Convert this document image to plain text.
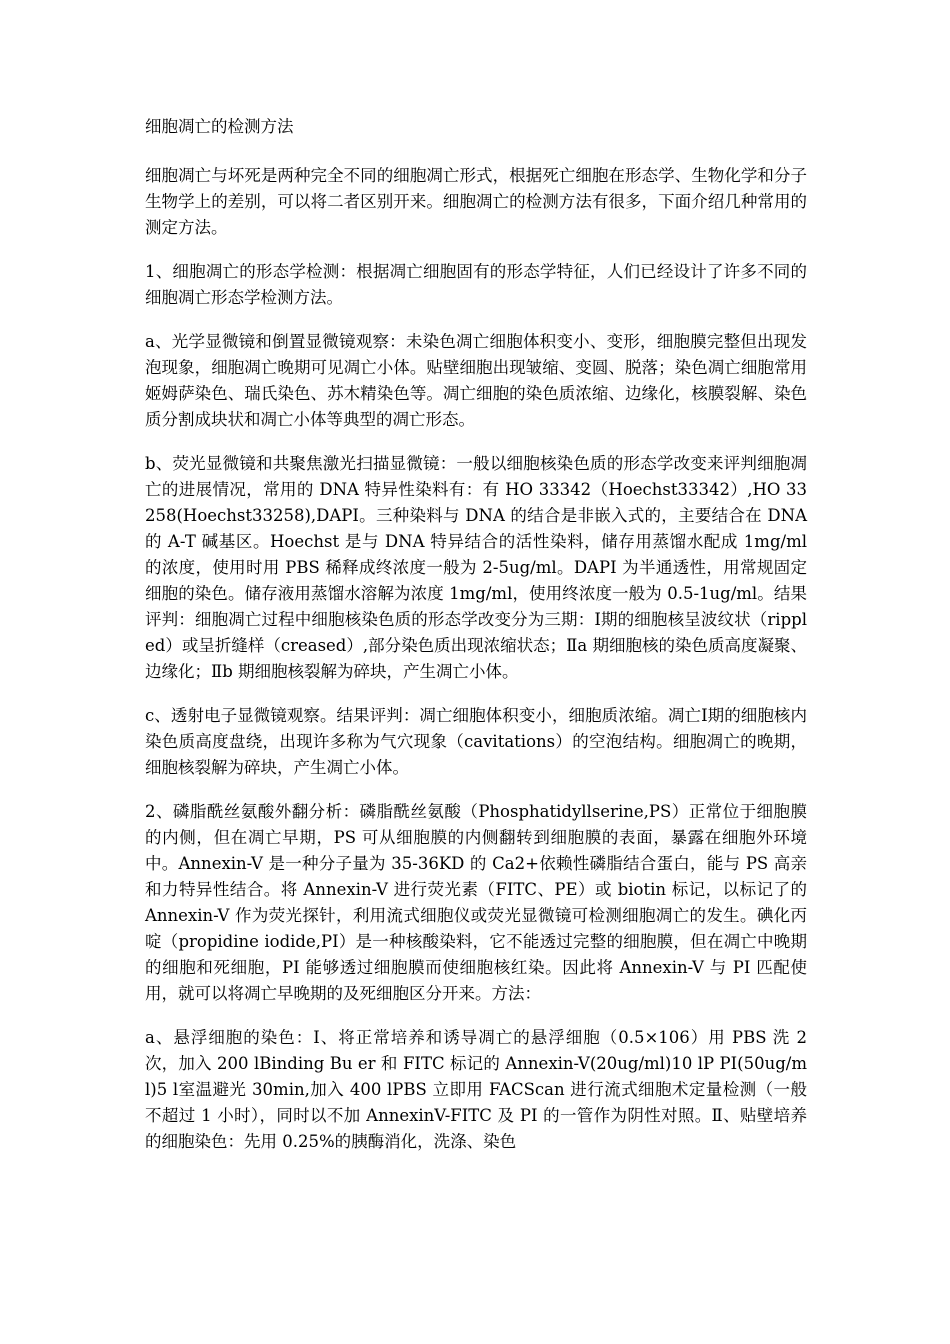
细胞凋亡的检测方法

细胞凋亡与坏死是两种完全不同的细胞凋亡形式，根据死亡细胞在形态学、生物化学和分子生物学上的差别，可以将二者区别开来。细胞凋亡的检测方法有很多，下面介绍几种常用的测定方法。

1、细胞凋亡的形态学检测：根据凋亡细胞固有的形态学特征，人们已经设计了许多不同的细胞凋亡形态学检测方法。

a、光学显微镜和倒置显微镜观察：未染色凋亡细胞体积变小、变形，细胞膜完整但出现发泡现象，细胞凋亡晚期可见凋亡小体。贴壁细胞出现皱缩、变圆、脱落；染色凋亡细胞常用姬姆萨染色、瑞氏染色、苏木精染色等。凋亡细胞的染色质浓缩、边缘化，核膜裂解、染色质分割成块状和凋亡小体等典型的凋亡形态。

b、荧光显微镜和共聚焦激光扫描显微镜：一般以细胞核染色质的形态学改变来评判细胞凋亡的进展情况，常用的 DNA 特异性染料有：有 HO 33342（Hoechst33342）,HO 33258(Hoechst33258),DAPI。三种染料与 DNA 的结合是非嵌入式的，主要结合在 DNA 的 A-T 碱基区。Hoechst 是与 DNA 特异结合的活性染料，储存用蒸馏水配成 1mg/ml 的浓度，使用时用 PBS 稀释成终浓度一般为 2-5ug/ml。DAPI 为半通透性，用常规固定细胞的染色。储存液用蒸馏水溶解为浓度 1mg/ml，使用终浓度一般为 0.5-1ug/ml。结果评判：细胞凋亡过程中细胞核染色质的形态学改变分为三期：Ⅰ期的细胞核呈波纹状（rippled）或呈折缝样（creased）,部分染色质出现浓缩状态；Ⅱa 期细胞核的染色质高度凝聚、边缘化；Ⅱb 期细胞核裂解为碎块，产生凋亡小体。

c、透射电子显微镜观察。结果评判：凋亡细胞体积变小，细胞质浓缩。凋亡Ⅰ期的细胞核内染色质高度盘绕，出现许多称为气穴现象（cavitations）的空泡结构。细胞凋亡的晚期，细胞核裂解为碎块，产生凋亡小体。

2、磷脂酰丝氨酸外翻分析：磷脂酰丝氨酸（Phosphatidyllserine,PS）正常位于细胞膜的内侧，但在凋亡早期，PS 可从细胞膜的内侧翻转到细胞膜的表面，暴露在细胞外环境中。Annexin-V 是一种分子量为 35-36KD 的 Ca2+依赖性磷脂结合蛋白，能与 PS 高亲和力特异性结合。将 Annexin-V 进行荧光素（FITC、PE）或 biotin 标记，以标记了的 Annexin-V 作为荧光探针，利用流式细胞仪或荧光显微镜可检测细胞凋亡的发生。碘化丙啶（propidine iodide,PI）是一种核酸染料，它不能透过完整的细胞膜，但在凋亡中晚期的细胞和死细胞，PI 能够透过细胞膜而使细胞核红染。因此将 Annexin-V 与 PI 匹配使用，就可以将凋亡早晚期的及死细胞区分开来。方法：

a、悬浮细胞的染色：Ⅰ、将正常培养和诱导凋亡的悬浮细胞（0.5×106）用 PBS 洗 2 次，加入 200 lBinding Bu er 和 FITC 标记的 Annexin-V(20ug/ml)10 lP PI(50ug/ml)5 l室温避光 30min,加入 400 lPBS 立即用 FACScan 进行流式细胞术定量检测（一般不超过 1 小时），同时以不加 AnnexinV-FITC 及 PI 的一管作为阴性对照。Ⅱ、贴壁培养的细胞染色：先用 0.25%的胰酶消化，洗涤、染色
